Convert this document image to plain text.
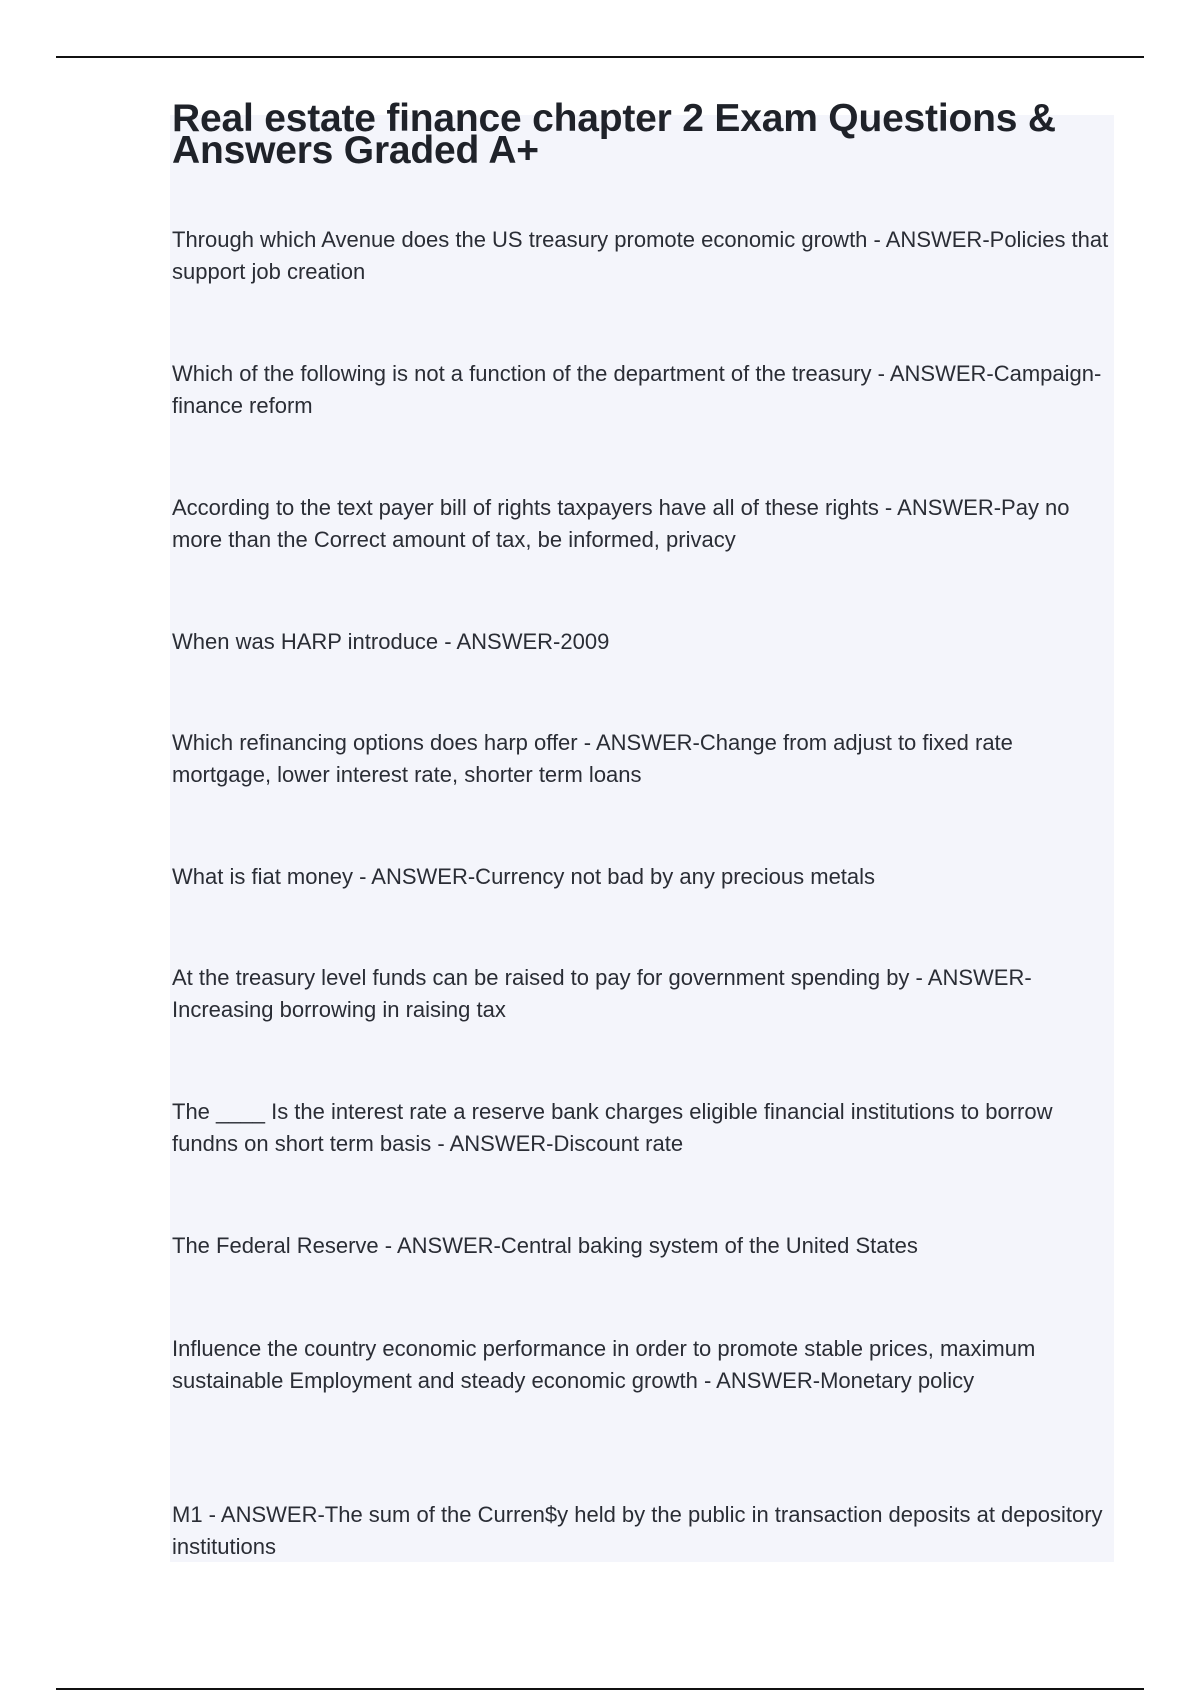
Real estate finance chapter 2 Exam Questions & Answers Graded A+

Through which Avenue does the US treasury promote economic growth - ANSWER-Policies that support job creation

Which of the following is not a function of the department of the treasury - ANSWER-Campaign-finance reform

According to the text payer bill of rights taxpayers have all of these rights - ANSWER-Pay no more than the Correct amount of tax, be informed, privacy

When was HARP introduce - ANSWER-2009

Which refinancing options does harp offer - ANSWER-Change from adjust to fixed rate mortgage, lower interest rate, shorter term loans

What is fiat money - ANSWER-Currency not bad by any precious metals

At the treasury level funds can be raised to pay for government spending by - ANSWER-Increasing borrowing in raising tax

The ____ Is the interest rate a reserve bank charges eligible financial institutions to borrow fundns on short term basis - ANSWER-Discount rate

The Federal Reserve - ANSWER-Central baking system of the United States

Influence the country economic performance in order to promote stable prices, maximum sustainable Employment and steady economic growth - ANSWER-Monetary policy

M1 - ANSWER-The sum of the Curren$y held by the public in transaction deposits at depository institutions
